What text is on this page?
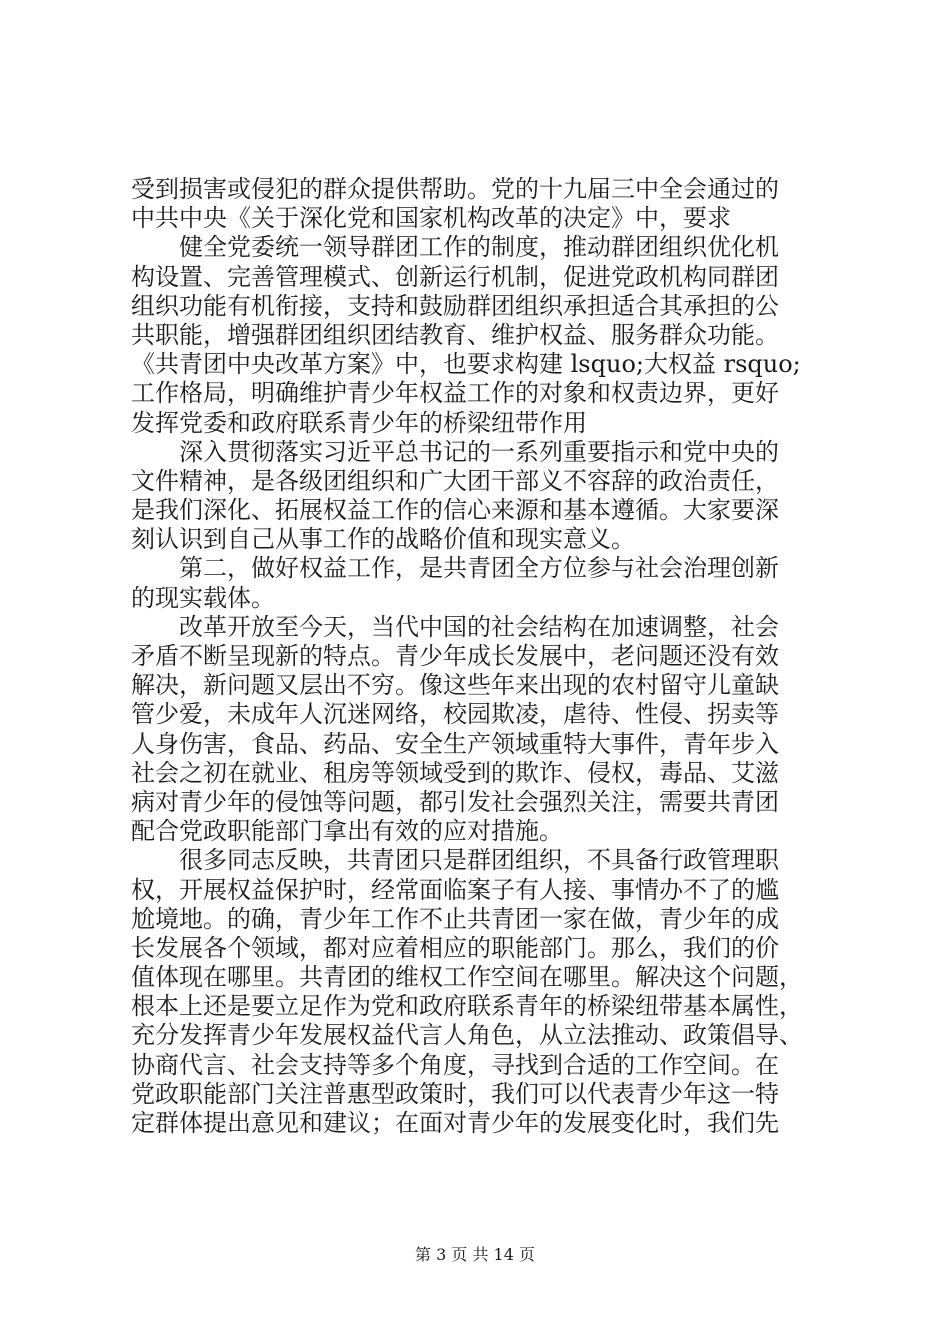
受到损害或侵犯的群众提供帮助。党的十九届三中全会通过的
中共中央《关于深化党和国家机构改革的决定》中，要求
　　健全党委统一领导群团工作的制度，推动群团组织优化机
构设置、完善管理模式、创新运行机制，促进党政机构同群团
组织功能有机衔接，支持和鼓励群团组织承担适合其承担的公
共职能，增强群团组织团结教育、维护权益、服务群众功能。
《共青团中央改革方案》中，也要求构建 lsquo;大权益 rsquo;
工作格局，明确维护青少年权益工作的对象和权责边界，更好
发挥党委和政府联系青少年的桥梁纽带作用
　　深入贯彻落实习近平总书记的一系列重要指示和党中央的
文件精神，是各级团组织和广大团干部义不容辞的政治责任，
是我们深化、拓展权益工作的信心来源和基本遵循。大家要深
刻认识到自己从事工作的战略价值和现实意义。
　　第二，做好权益工作，是共青团全方位参与社会治理创新
的现实载体。
　　改革开放至今天，当代中国的社会结构在加速调整，社会
矛盾不断呈现新的特点。青少年成长发展中，老问题还没有效
解决，新问题又层出不穷。像这些年来出现的农村留守儿童缺
管少爱，未成年人沉迷网络，校园欺凌，虐待、性侵、拐卖等
人身伤害，食品、药品、安全生产领域重特大事件，青年步入
社会之初在就业、租房等领域受到的欺诈、侵权，毒品、艾滋
病对青少年的侵蚀等问题，都引发社会强烈关注，需要共青团
配合党政职能部门拿出有效的应对措施。
　　很多同志反映，共青团只是群团组织，不具备行政管理职
权，开展权益保护时，经常面临案子有人接、事情办不了的尴
尬境地。的确，青少年工作不止共青团一家在做，青少年的成
长发展各个领域，都对应着相应的职能部门。那么，我们的价
值体现在哪里。共青团的维权工作空间在哪里。解决这个问题，
根本上还是要立足作为党和政府联系青年的桥梁纽带基本属性，
充分发挥青少年发展权益代言人角色，从立法推动、政策倡导、
协商代言、社会支持等多个角度，寻找到合适的工作空间。在
党政职能部门关注普惠型政策时，我们可以代表青少年这一特
定群体提出意见和建议；在面对青少年的发展变化时，我们先
第 3 页 共 14 页
